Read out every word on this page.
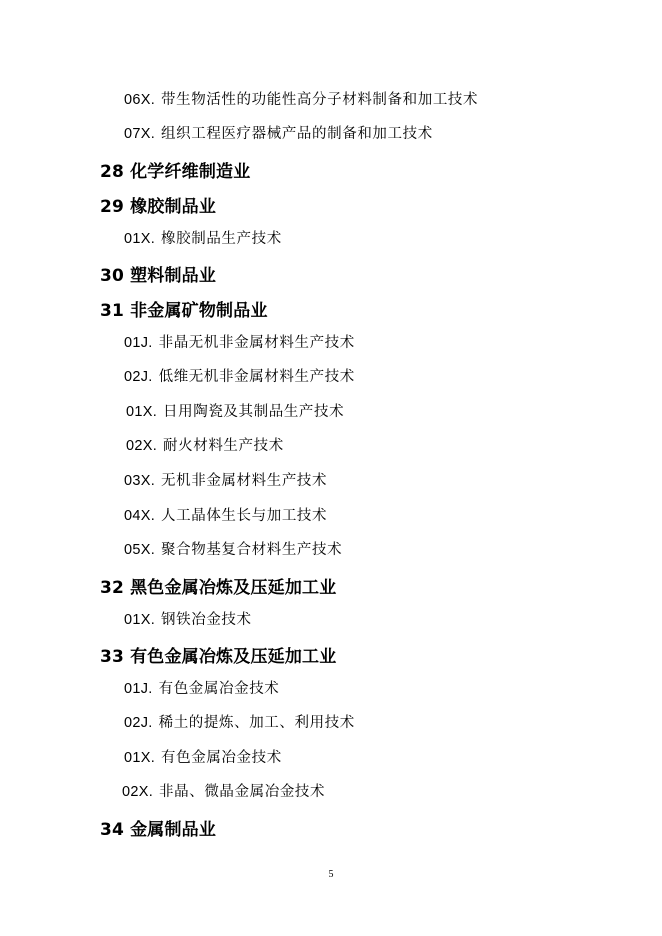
06X. 带生物活性的功能性高分子材料制备和加工技术
07X. 组织工程医疗器械产品的制备和加工技术
28 化学纤维制造业
29 橡胶制品业
01X. 橡胶制品生产技术
30 塑料制品业
31 非金属矿物制品业
01J. 非晶无机非金属材料生产技术
02J. 低维无机非金属材料生产技术
01X. 日用陶瓷及其制品生产技术
02X. 耐火材料生产技术
03X. 无机非金属材料生产技术
04X. 人工晶体生长与加工技术
05X. 聚合物基复合材料生产技术
32 黑色金属冶炼及压延加工业
01X. 钢铁冶金技术
33 有色金属冶炼及压延加工业
01J. 有色金属冶金技术
02J. 稀土的提炼、加工、利用技术
01X. 有色金属冶金技术
02X. 非晶、微晶金属冶金技术
34 金属制品业
5
